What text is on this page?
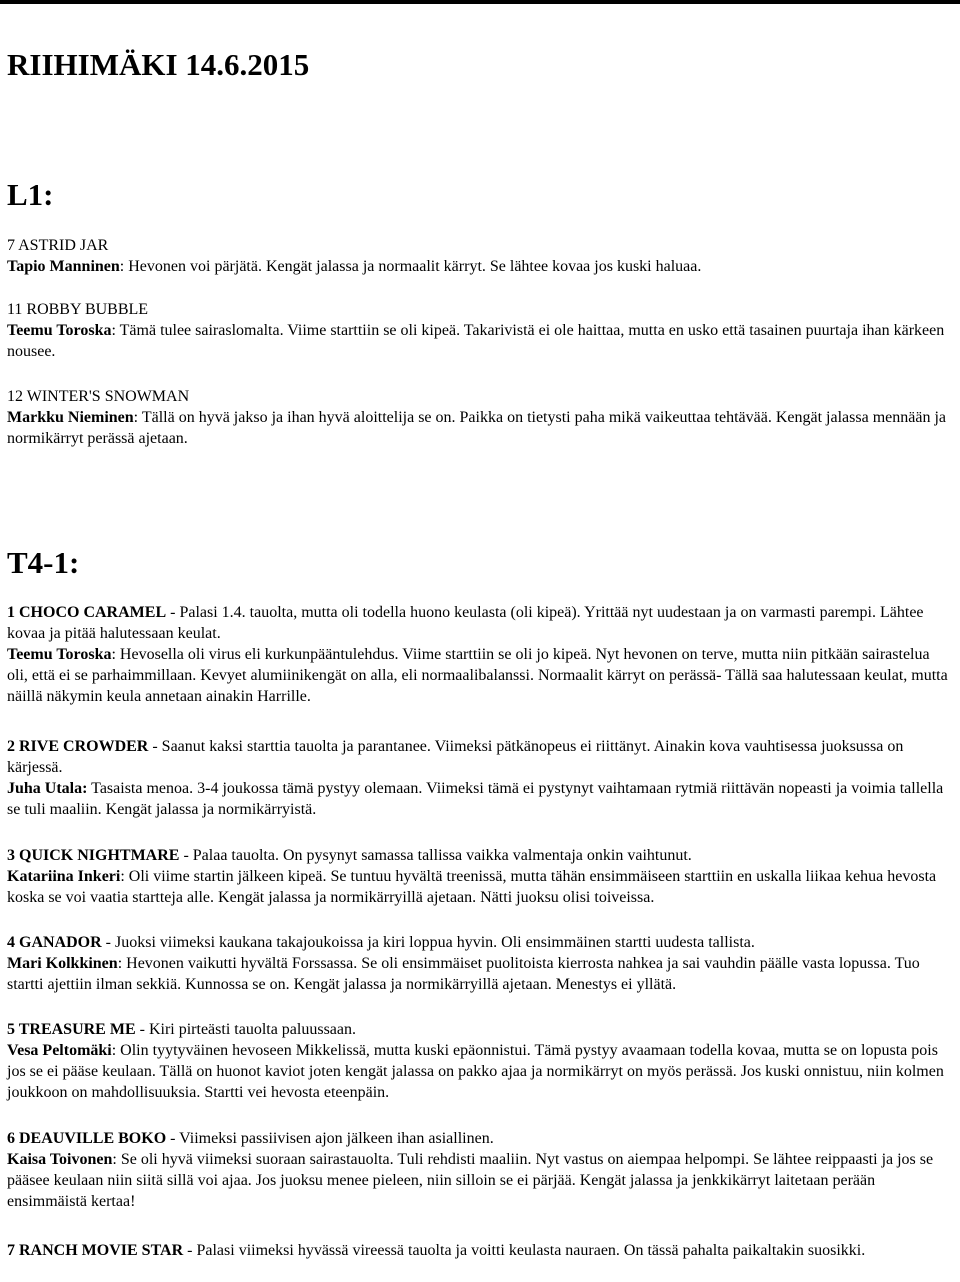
RIIHIMÄKI 14.6.2015
L1:

7 ASTRID JAR

Tapio Manninen: Hevonen voi pärjätä. Kengät jalassa ja normaalit kärryt. Se lähtee kovaa jos kuski haluaa.

11 ROBBY BUBBLE

Teemu Toroska: Tämä tulee sairaslomalta. Viime starttiin se oli kipeä. Takarivistä ei ole haittaa, mutta en usko että tasainen puurtaja ihan kärkeen nousee.

12 WINTER'S SNOWMAN

Markku Nieminen: Tällä on hyvä jakso ja ihan hyvä aloittelija se on. Paikka on tietysti paha mikä vaikeuttaa tehtävää. Kengät jalassa mennään ja normikärryt perässä ajetaan.

T4-1:

1 CHOCO CARAMEL - Palasi 1.4. tauolta, mutta oli todella huono keulasta (oli kipeä). Yrittää nyt uudestaan ja on varmasti parempi. Lähtee kovaa ja pitää halutessaan keulat.

Teemu Toroska: Hevosella oli virus eli kurkunpääntulehdus. Viime starttiin se oli jo kipeä. Nyt hevonen on terve, mutta niin pitkään sairastelua oli, että ei se parhaimmillaan. Kevyet alumiinikengät on alla, eli normaalibalanssi. Normaalit kärryt on perässä- Tällä saa halutessaan keulat, mutta näillä näkymin keula annetaan ainakin Harrille.

2 RIVE CROWDER - Saanut kaksi starttia tauolta ja parantanee. Viimeksi pätkänopeus ei riittänyt. Ainakin kova vauhtisessa juoksussa on kärjessä.

Juha Utala: Tasaista menoa. 3-4 joukossa tämä pystyy olemaan. Viimeksi tämä ei pystynyt vaihtamaan rytmiä riittävän nopeasti ja voimia tallella se tuli maaliin. Kengät jalassa ja normikärryistä.

3 QUICK NIGHTMARE - Palaa tauolta. On pysynyt samassa tallissa vaikka valmentaja onkin vaihtunut.

Katariina Inkeri: Oli viime startin jälkeen kipeä. Se tuntuu hyvältä treenissä, mutta tähän ensimmäiseen starttiin en uskalla liikaa kehua hevosta koska se voi vaatia startteja alle. Kengät jalassa ja normikärryillä ajetaan. Nätti juoksu olisi toiveissa.

4 GANADOR - Juoksi viimeksi kaukana takajoukoissa ja kiri loppua hyvin. Oli ensimmäinen startti uudesta tallista.

Mari Kolkkinen: Hevonen vaikutti hyvältä Forssassa. Se oli ensimmäiset puolitoista kierrosta nahkea ja sai vauhdin päälle vasta lopussa. Tuo startti ajettiin ilman sekkiä. Kunnossa se on. Kengät jalassa ja normikärryillä ajetaan. Menestys ei yllätä.

5 TREASURE ME - Kiri pirteästi tauolta paluussaan.

Vesa Peltomäki: Olin tyytyväinen hevoseen Mikkelissä, mutta kuski epäonnistui. Tämä pystyy avaamaan todella kovaa, mutta se on lopusta pois jos se ei pääse keulaan. Tällä on huonot kaviot joten kengät jalassa on pakko ajaa ja normikärryt on myös perässä. Jos kuski onnistuu, niin kolmen joukkoon on mahdollisuuksia. Startti vei hevosta eteenpäin.

6 DEAUVILLE BOKO - Viimeksi passiivisen ajon jälkeen ihan asiallinen.

Kaisa Toivonen: Se oli hyvä viimeksi suoraan sairastauolta. Tuli rehdisti maaliin. Nyt vastus on aiempaa helpompi. Se lähtee reippaasti ja jos se pääsee keulaan niin siitä sillä voi ajaa. Jos juoksu menee pieleen, niin silloin se ei pärjää. Kengät jalassa ja jenkkikärryt laitetaan perään ensimmäistä kertaa!

7 RANCH MOVIE STAR - Palasi viimeksi hyvässä vireessä tauolta ja voitti keulasta nauraen. On tässä pahalta paikaltakin suosikki.
